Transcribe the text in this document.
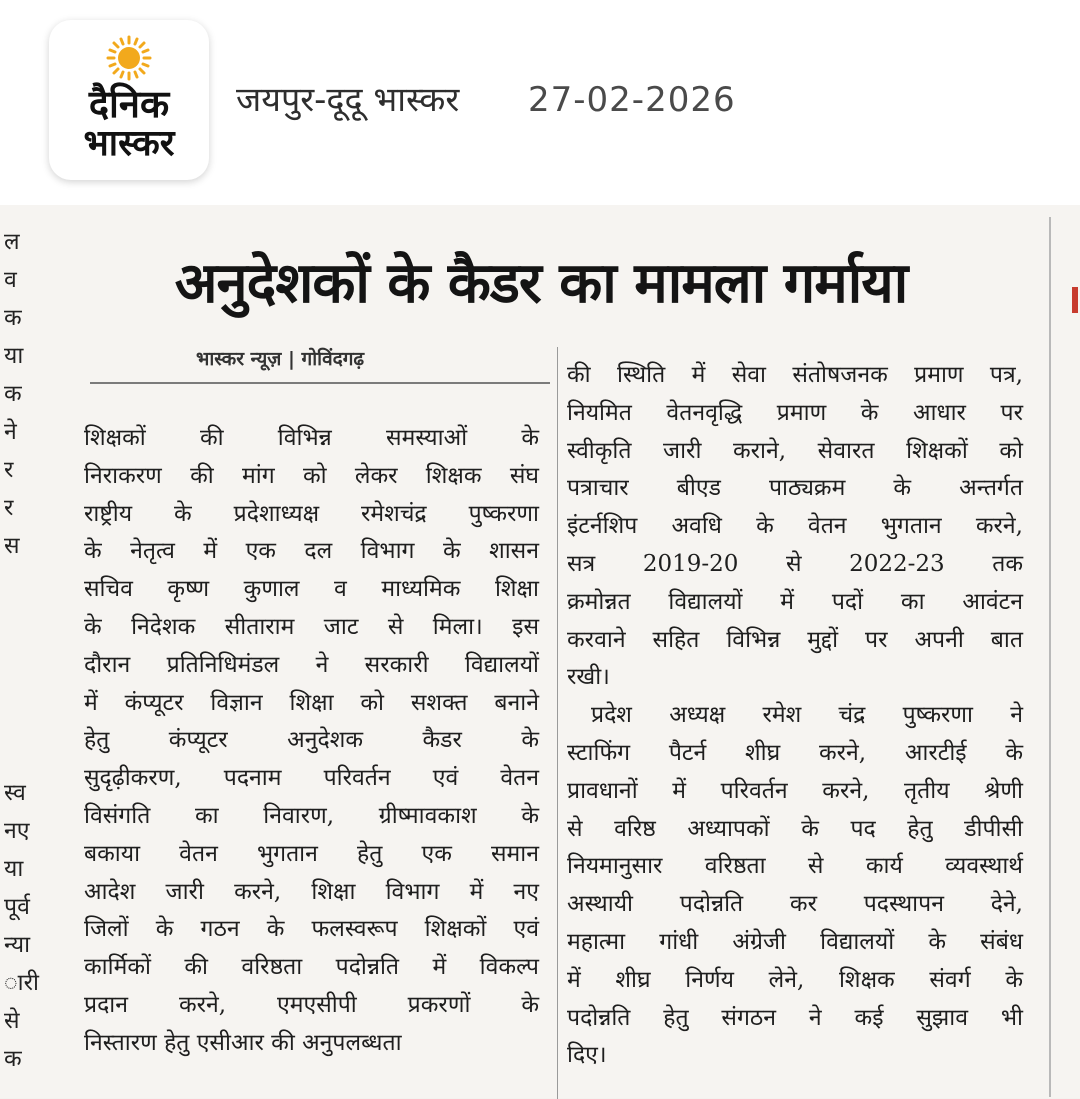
दैनिक
भास्कर
जयपुर-दूदू भास्कर 27-02-2026
ल
व
क
या
क
ने
र
र
स
स्व
नए
या
पूर्व
न्या
ारी
से
क
अनुदेशकों के कैडर का मामला गर्माया
भास्कर न्यूज़ | गोविंदगढ़
शिक्षकों की विभिन्न समस्याओं के
निराकरण की मांग को लेकर शिक्षक संघ
राष्ट्रीय के प्रदेशाध्यक्ष रमेशचंद्र पुष्करणा
के नेतृत्व में एक दल विभाग के शासन
सचिव कृष्ण कुणाल व माध्यमिक शिक्षा
के निदेशक सीताराम जाट से मिला। इस
दौरान प्रतिनिधिमंडल ने सरकारी विद्यालयों
में कंप्यूटर विज्ञान शिक्षा को सशक्त बनाने
हेतु कंप्यूटर अनुदेशक कैडर के
सुदृढ़ीकरण, पदनाम परिवर्तन एवं वेतन
विसंगति का निवारण, ग्रीष्मावकाश के
बकाया वेतन भुगतान हेतु एक समान
आदेश जारी करने, शिक्षा विभाग में नए
जिलों के गठन के फलस्वरूप शिक्षकों एवं
कार्मिकों की वरिष्ठता पदोन्नति में विकल्प
प्रदान करने, एमएसीपी प्रकरणों के
निस्तारण हेतु एसीआर की अनुपलब्धता
की स्थिति में सेवा संतोषजनक प्रमाण पत्र,
नियमित वेतनवृद्धि प्रमाण के आधार पर
स्वीकृति जारी कराने, सेवारत शिक्षकों को
पत्राचार बीएड पाठ्यक्रम के अन्तर्गत
इंटर्नशिप अवधि के वेतन भुगतान करने,
सत्र 2019-20 से 2022-23 तक
क्रमोन्नत विद्यालयों में पदों का आवंटन
करवाने सहित विभिन्न मुद्दों पर अपनी बात
रखी।
प्रदेश अध्यक्ष रमेश चंद्र पुष्करणा ने
स्टाफिंग पैटर्न शीघ्र करने, आरटीई के
प्रावधानों में परिवर्तन करने, तृतीय श्रेणी
से वरिष्ठ अध्यापकों के पद हेतु डीपीसी
नियमानुसार वरिष्ठता से कार्य व्यवस्थार्थ
अस्थायी पदोन्नति कर पदस्थापन देने,
महात्मा गांधी अंग्रेजी विद्यालयों के संबंध
में शीघ्र निर्णय लेने, शिक्षक संवर्ग के
पदोन्नति हेतु संगठन ने कई सुझाव भी
दिए।
